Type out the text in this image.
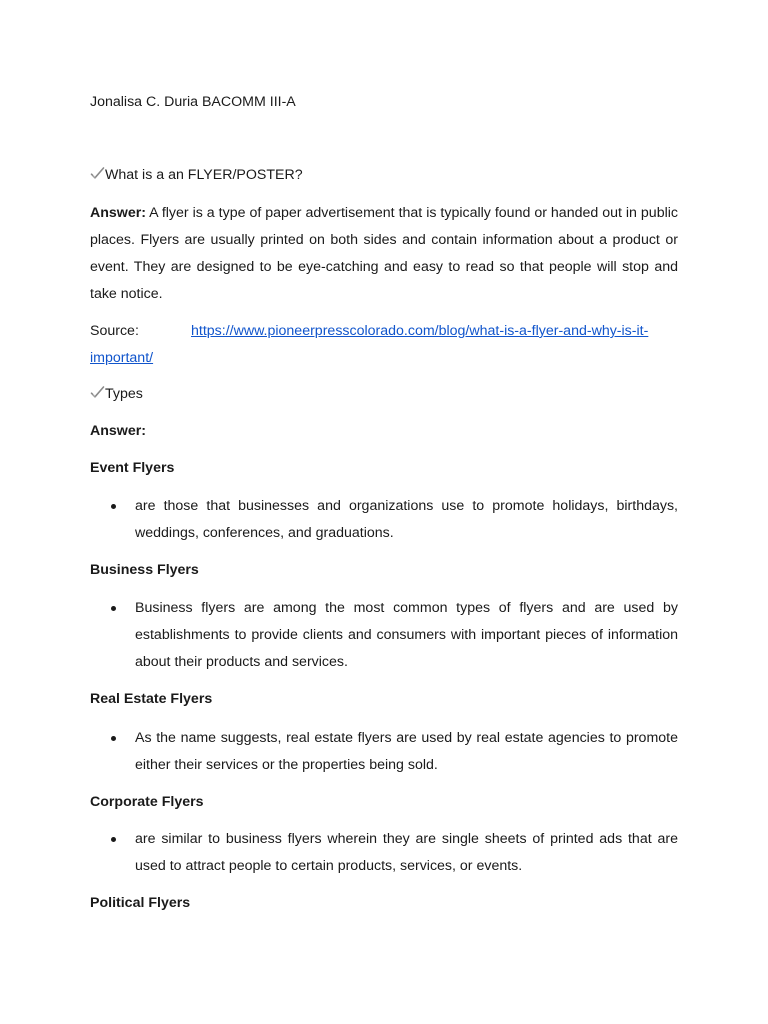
Jonalisa C. Duria BACOMM III-A

What is a an FLYER/POSTER?

Answer: A flyer is a type of paper advertisement that is typically found or handed out in public places. Flyers are usually printed on both sides and contain information about a product or event. They are designed to be eye-catching and easy to read so that people will stop and take notice.

Source:	https://www.pioneerpresscolorado.com/blog/what-is-a-flyer-and-why-is-it-
important/

Types

Answer:

Event Flyers

are those that businesses and organizations use to promote holidays, birthdays, weddings, conferences, and graduations.

Business Flyers

Business flyers are among the most common types of flyers and are used by establishments to provide clients and consumers with important pieces of information about their products and services.

Real Estate Flyers

As the name suggests, real estate flyers are used by real estate agencies to promote either their services or the properties being sold.

Corporate Flyers

are similar to business flyers wherein they are single sheets of printed ads that are used to attract people to certain products, services, or events.

Political Flyers
